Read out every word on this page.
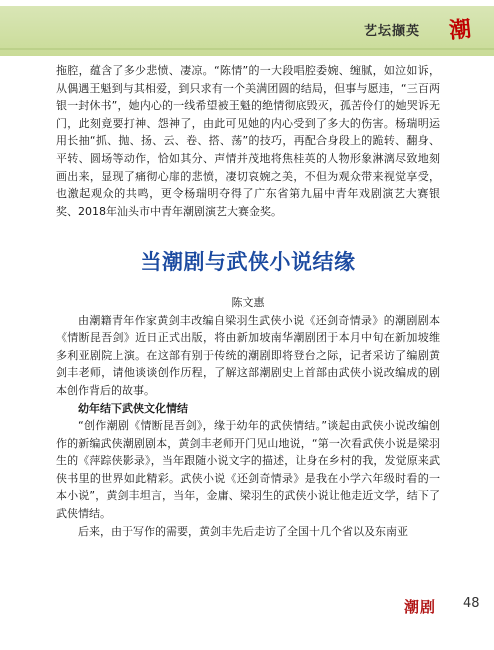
艺坛撷英	潮

拖腔，蕴含了多少悲愤、凄凉。“陈情”的一大段唱腔委婉、缠腻，如泣如诉，从偶遇王魁到与其相爱，到只求有一个美满团圆的结局，但事与愿违，“三百两银一封休书”，她内心的一线希望被王魁的绝情彻底毁灭，孤苦伶仃的她哭诉无门，此刻竟要打神、怨神了，由此可见她的内心受到了多大的伤害。杨瑞明运用长抽“抓、抛、扬、云、卷、搭、荡”的技巧，再配合身段上的跪转、翻身、平转、圆场等动作，恰如其分、声情并茂地将焦桂英的人物形象淋漓尽致地刻画出来，显现了痛彻心扉的悲愤，凄切哀婉之美，不但为观众带来视觉享受，也激起观众的共鸣，更令杨瑞明夺得了广东省第九届中青年戏剧演艺大赛银奖、2018年汕头市中青年潮剧演艺大赛金奖。

当潮剧与武侠小说结缘
陈文惠

由潮籍青年作家黄剑丰改编自梁羽生武侠小说《还剑奇情录》的潮剧剧本《情断昆吾剑》近日正式出版，将由新加坡南华潮剧团于本月中旬在新加坡维多利亚剧院上演。在这部有别于传统的潮剧即将登台之际，记者采访了编剧黄剑丰老师，请他谈谈创作历程，了解这部潮剧史上首部由武侠小说改编成的剧本创作背后的故事。

幼年结下武侠文化情结

“创作潮剧《情断昆吾剑》，缘于幼年的武侠情结。”谈起由武侠小说改编创作的新编武侠潮剧剧本，黄剑丰老师开门见山地说，“第一次看武侠小说是梁羽生的《萍踪侠影录》，当年跟随小说文字的描述，让身在乡村的我，发觉原来武侠书里的世界如此精彩。武侠小说《还剑奇情录》是我在小学六年级时看的一本小说”，黄剑丰坦言，当年，金庸、梁羽生的武侠小说让他走近文学，结下了武侠情结。

后来，由于写作的需要，黄剑丰先后走访了全国十几个省以及东南亚

潮剧	48
